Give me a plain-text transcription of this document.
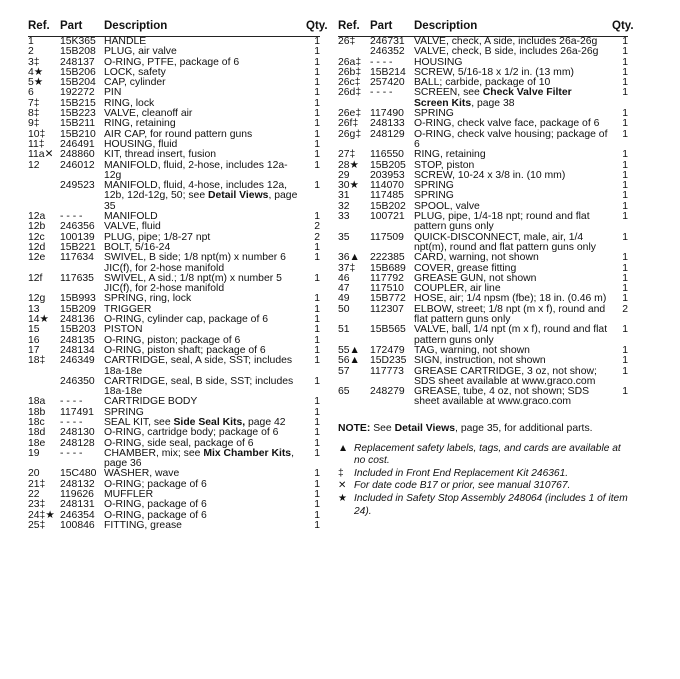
Ref.	Part	Description	Qty.
1	15K365	HANDLE	1
2	15B208	PLUG, air valve	1
3‡	248137	O-RING, PTFE, package of 6	1
4★	15B206	LOCK, safety	1
5★	15B204	CAP, cylinder	1
6	192272	PIN	1
7‡	15B215	RING, lock	1
8‡	15B223	VALVE, cleanoff air	1
9‡	15B211	RING, retaining	1
10‡	15B210	AIR CAP, for round pattern guns	1
11‡	246491	HOUSING, fluid	1
11a✕	248860	KIT, thread insert, fusion	1
12	246012	MANIFOLD, fluid, 2-hose, includes 12a-12g	1
	249523	MANIFOLD, fluid, 4-hose, includes 12a, 12b, 12d-12g, 50; see Detail Views, page 35	1
12a	- - - -	MANIFOLD	1
12b	246356	VALVE, fluid	2
12c	100139	PLUG, pipe; 1/8-27 npt	2
12d	15B221	BOLT, 5/16-24	1
12e	117634	SWIVEL, B side; 1/8 npt(m) x number 6 JIC(f), for 2-hose manifold	1
12f	117635	SWIVEL, A sid.; 1/8 npt(m) x number 5 JIC(f), for 2-hose manifold	1
12g	15B993	SPRING, ring, lock	1
13	15B209	TRIGGER	1
14★	248136	O-RING, cylinder cap, package of 6	1
15	15B203	PISTON	1
16	248135	O-RING, piston; package of 6	1
17	248134	O-RING, piston shaft; package of 6	1
18‡	246349	CARTRIDGE, seal, A side, SST; includes 18a-18e	1
	246350	CARTRIDGE, seal, B side, SST; includes 18a-18e	1
18a	- - - -	CARTRIDGE BODY	1
18b	117491	SPRING	1
18c	- - - -	SEAL KIT, see Side Seal Kits, page 42	1
18d	248130	O-RING, cartridge body; package of 6	1
18e	248128	O-RING, side seal, package of 6	1
19	- - - -	CHAMBER, mix; see Mix Chamber Kits, page 36	1
20	15C480	WASHER, wave	1
21‡	248132	O-RING; package of 6	1
22	119626	MUFFLER	1
23‡	248131	O-RING, package of 6	1
24‡★	246354	O-RING, package of 6	1
25‡	100846	FITTING, grease	1
Ref.	Part	Description	Qty.
26‡	246731	VALVE, check, A side, includes 26a-26g	1
	246352	VALVE, check, B side, includes 26a-26g	1
26a‡	- - - -	HOUSING	1
26b‡	15B214	SCREW, 5/16-18 x 1/2 in. (13 mm)	1
26c‡	257420	BALL; carbide, package of 10	1
26d‡	- - - -	SCREEN, see Check Valve Filter Screen Kits, page 38	1
26e‡	117490	SPRING	1
26f‡	248133	O-RING, check valve face, package of 6	1
26g‡	248129	O-RING, check valve housing; package of 6	1
27‡	116550	RING, retaining	1
28★	15B205	STOP, piston	1
29	203953	SCREW, 10-24 x 3/8 in. (10 mm)	1
30★	114070	SPRING	1
31	117485	SPRING	1
32	15B202	SPOOL, valve	1
33	100721	PLUG, pipe, 1/4-18 npt; round and flat pattern guns only	1
35	117509	QUICK-DISCONNECT, male, air, 1/4 npt(m), round and flat pattern guns only	1
36▲	222385	CARD, warning, not shown	1
37‡	15B689	COVER, grease fitting	1
46	117792	GREASE GUN, not shown	1
47	117510	COUPLER, air line	1
49	15B772	HOSE, air; 1/4 npsm (fbe); 18 in. (0.46 m)	1
50	112307	ELBOW, street; 1/8 npt (m x f), round and flat pattern guns only	2
51	15B565	VALVE, ball, 1/4 npt (m x f), round and flat pattern guns only	1
55▲	172479	TAG, warning, not shown	1
56▲	15D235	SIGN, instruction, not shown	1
57	117773	GREASE CARTRIDGE, 3 oz, not show; SDS sheet available at www.graco.com	1
65	248279	GREASE, tube, 4 oz, not shown; SDS sheet available at www.graco.com	1
NOTE: See Detail Views, page 35, for additional parts.
▲ Replacement safety labels, tags, and cards are available at no cost.
‡	Included in Front End Replacement Kit 246361.
✕ For date code B17 or prior, see manual 310767.
★ Included in Safety Stop Assembly 248064 (includes 1 of item 24).
